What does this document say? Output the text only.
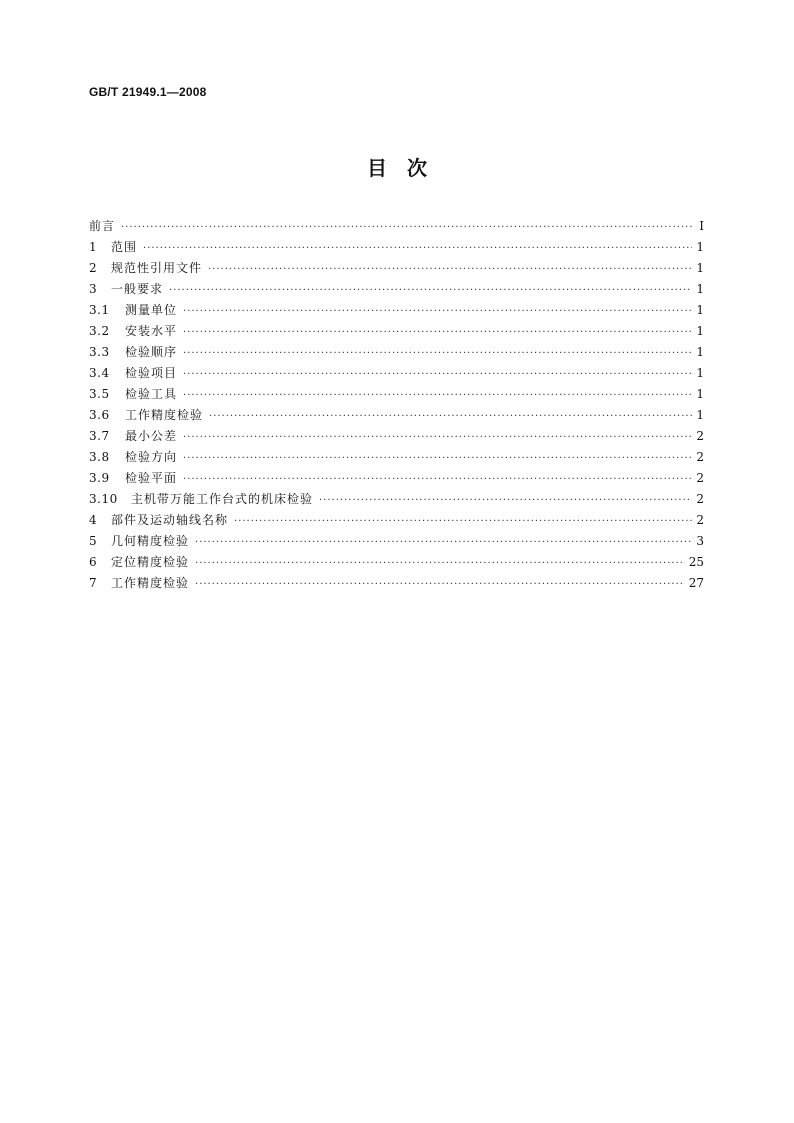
GB/T 21949.1—2008
目　次
前言 ·····	Ⅰ
1	范围 ·····	1
2	规范性引用文件 ·····	1
3	一般要求 ·····	1
3.1	测量单位 ·····	1
3.2	安装水平 ·····	1
3.3	检验顺序 ·····	1
3.4	检验项目 ·····	1
3.5	检验工具 ·····	1
3.6	工作精度检验 ·····	1
3.7	最小公差 ·····	2
3.8	检验方向 ·····	2
3.9	检验平面 ·····	2
3.10	主机带万能工作台式的机床检验 ·····	2
4	部件及运动轴线名称 ·····	2
5	几何精度检验 ·····	3
6	定位精度检验 ·····	25
7	工作精度检验 ·····	27
